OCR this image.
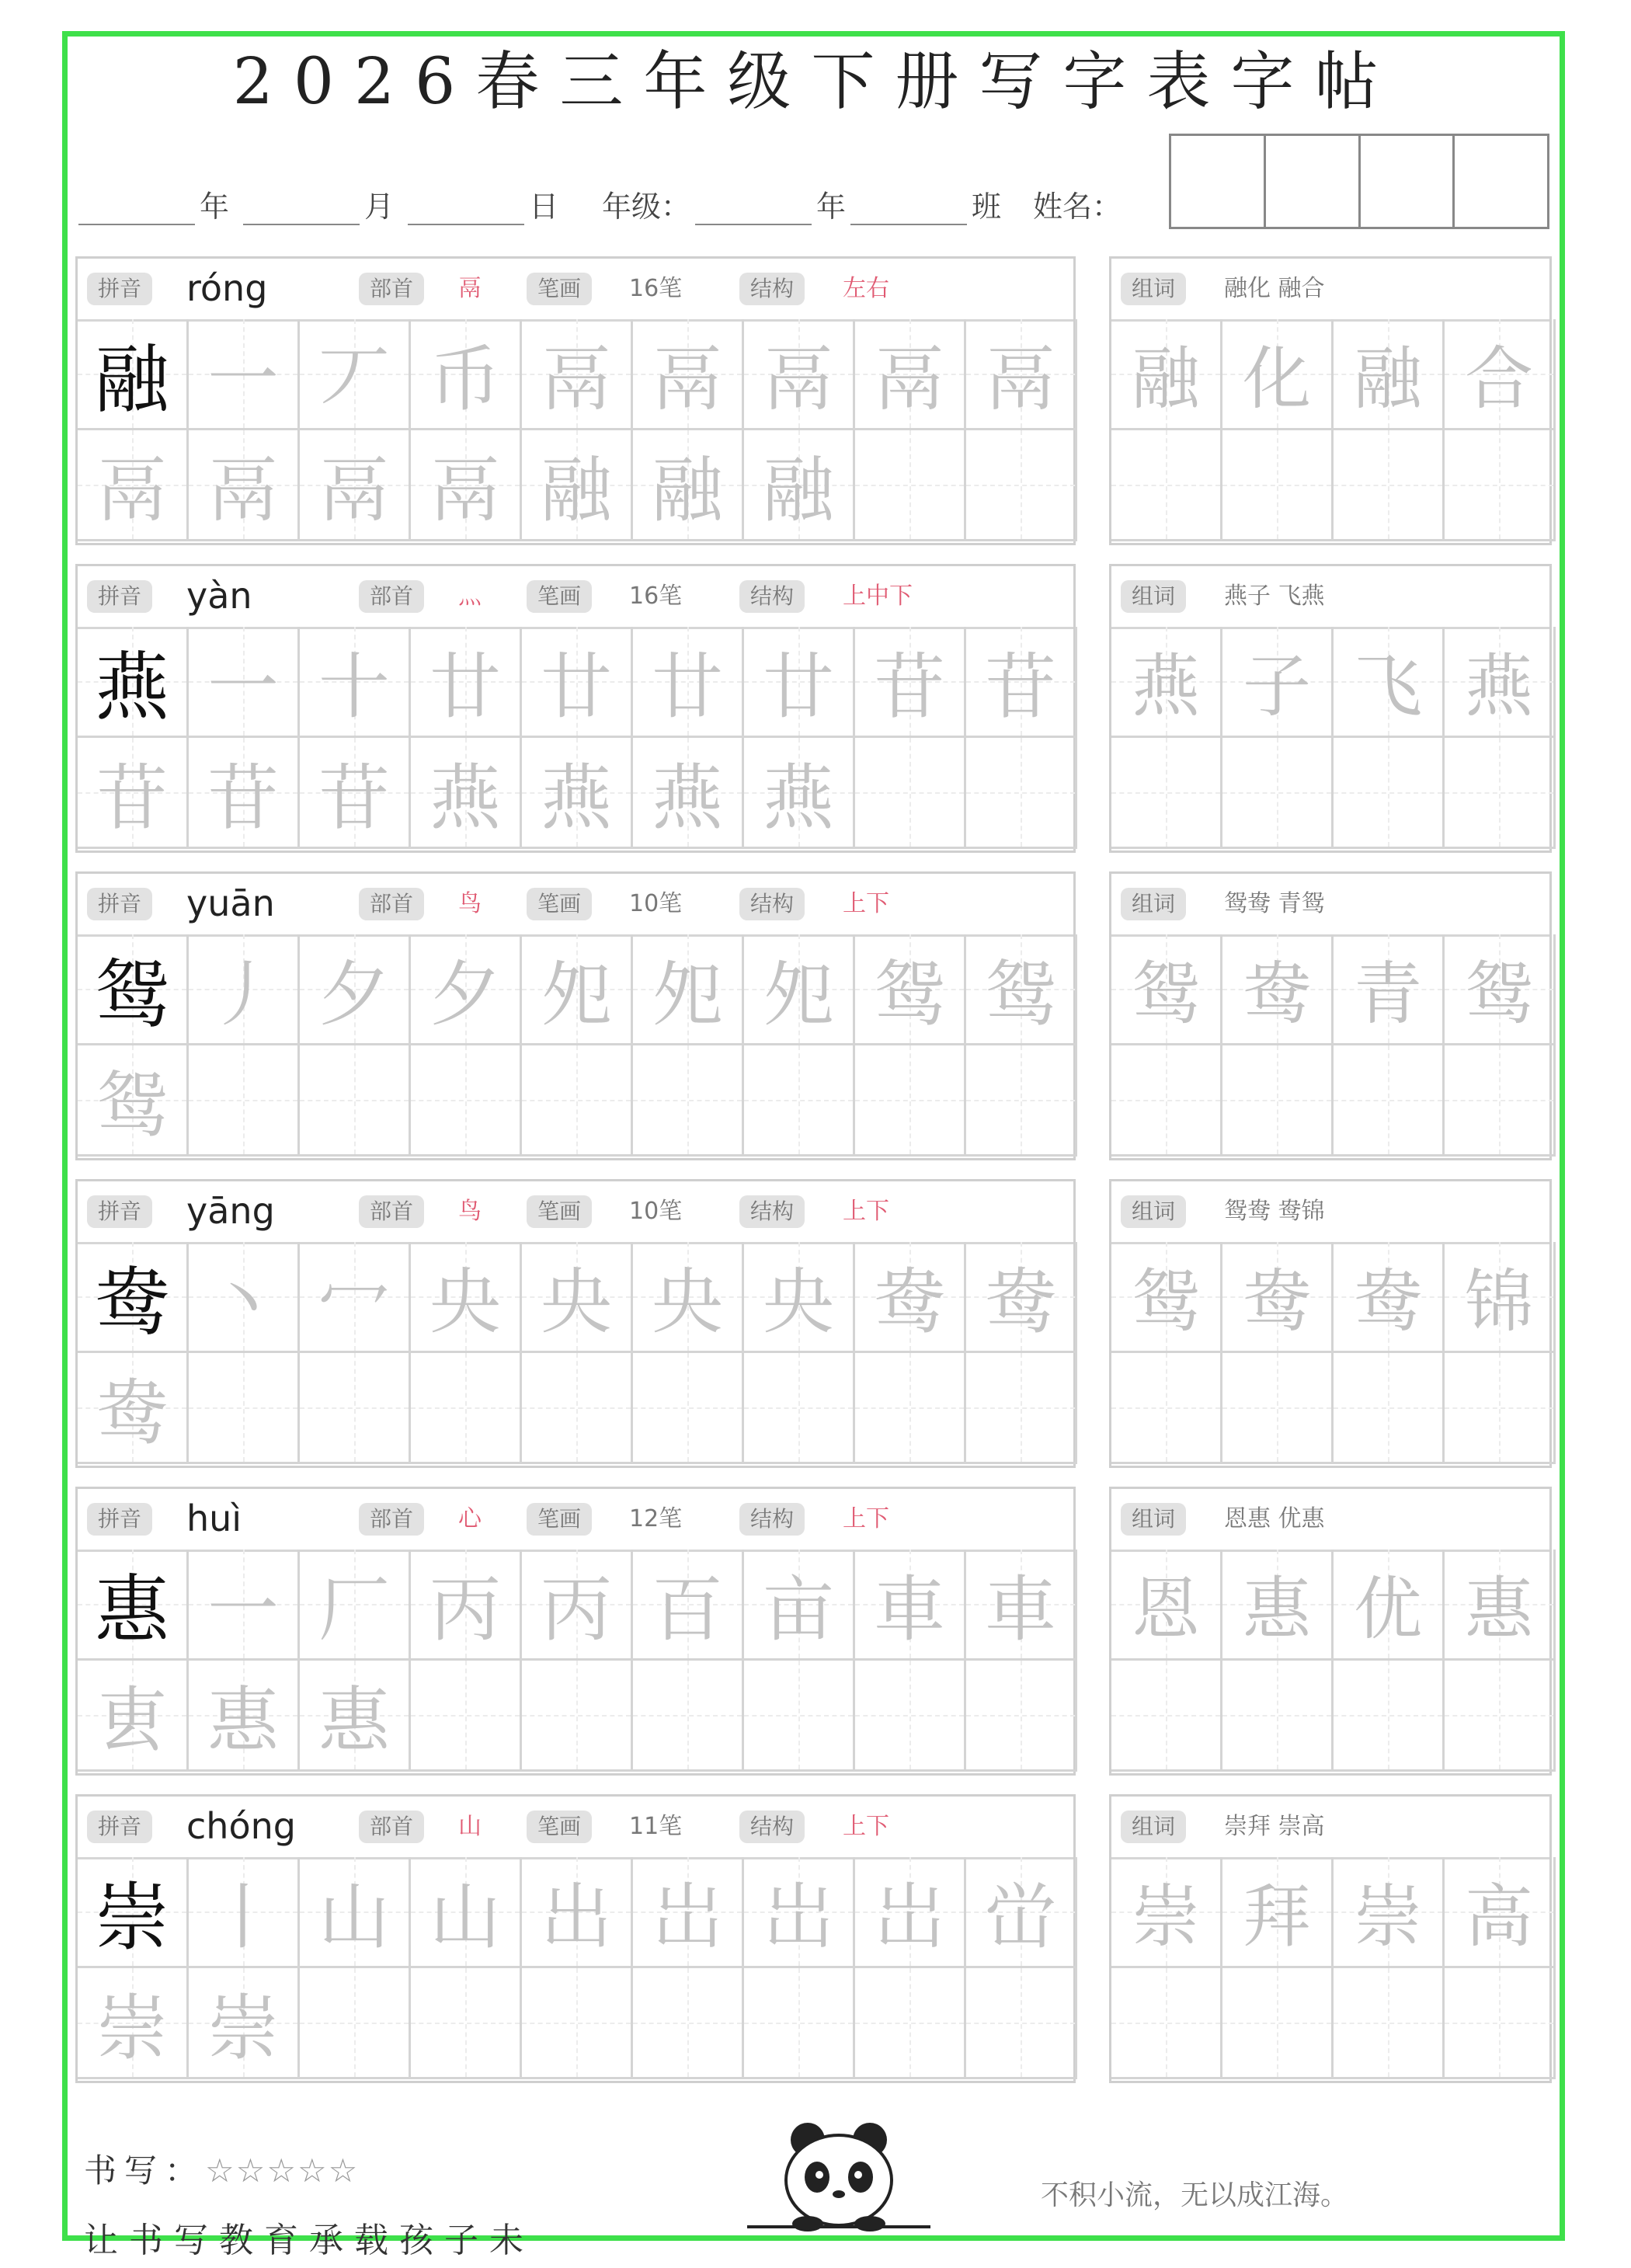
2026春三年级下册写字表字帖
年	月	日 年级：	年	班 姓名：
拼音	róng	部首	鬲	笔画	16笔	结构	左右
融 一 丆 币 鬲 鬲 鬲 鬲 鬲
鬲 鬲 鬲 鬲 融 融 融
组词	融化 融合
融 化 融 合
拼音	yàn	部首	灬	笔画	16笔	结构	上中下
燕 一 十 廿 廿 廿 廿 苷 苷
苷 苷 苷 燕 燕 燕 燕
组词	燕子 飞燕
燕 子 飞 燕
拼音	yuān	部首	鸟	笔画	10笔	结构	上下
鸳 丿 夕 夕 夗 夗 夗 鸳 鸳
鸳
组词	鸳鸯 青鸳
鸳 鸯 青 鸳
拼音	yāng	部首	鸟	笔画	10笔	结构	上下
鸯 丶 冖 央 央 央 央 鸯 鸯
鸯
组词	鸳鸯 鸯锦
鸳 鸯 鸯 锦
拼音	huì	部首	心	笔画	12笔	结构	上下
惠 一 厂 丙 丙 百 亩 車 車
叀 惠 惠
组词	恩惠 优惠
恩 惠 优 惠
拼音	chóng	部首	山	笔画	11笔	结构	上下
崇 丨 山 山 出 岀 岀 岀 峃
崇 崇
组词	崇拜 崇高
崇 拜 崇 高
书写：☆☆☆☆☆
让书写教育承载孩子未
不积小流，无以成江海。
